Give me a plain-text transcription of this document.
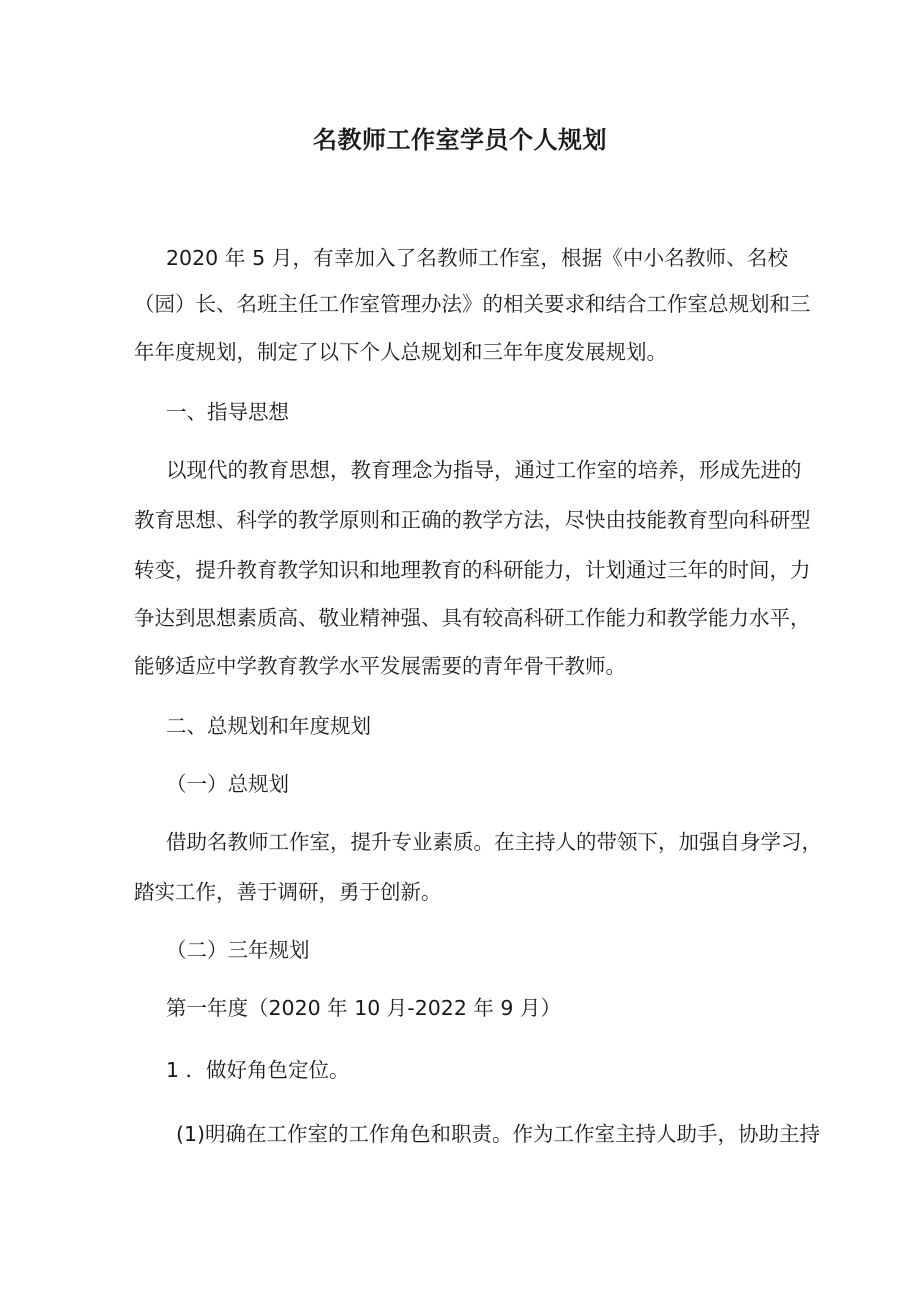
名教师工作室学员个人规划
2020 年 5 月，有幸加入了名教师工作室，根据《中小名教师、名校
（园）长、名班主任工作室管理办法》的相关要求和结合工作室总规划和三
年年度规划，制定了以下个人总规划和三年年度发展规划。
一、指导思想
以现代的教育思想，教育理念为指导，通过工作室的培养，形成先进的
教育思想、科学的教学原则和正确的教学方法，尽快由技能教育型向科研型
转变，提升教育教学知识和地理教育的科研能力，计划通过三年的时间，力
争达到思想素质高、敬业精神强、具有较高科研工作能力和教学能力水平，
能够适应中学教育教学水平发展需要的青年骨干教师。
二、总规划和年度规划
（一）总规划
借助名教师工作室，提升专业素质。在主持人的带领下，加强自身学习，
踏实工作，善于调研，勇于创新。
（二）三年规划
第一年度（2020 年 10 月-2022 年 9 月）
1 ．做好角色定位。
(1)明确在工作室的工作角色和职责。作为工作室主持人助手，协助主持
